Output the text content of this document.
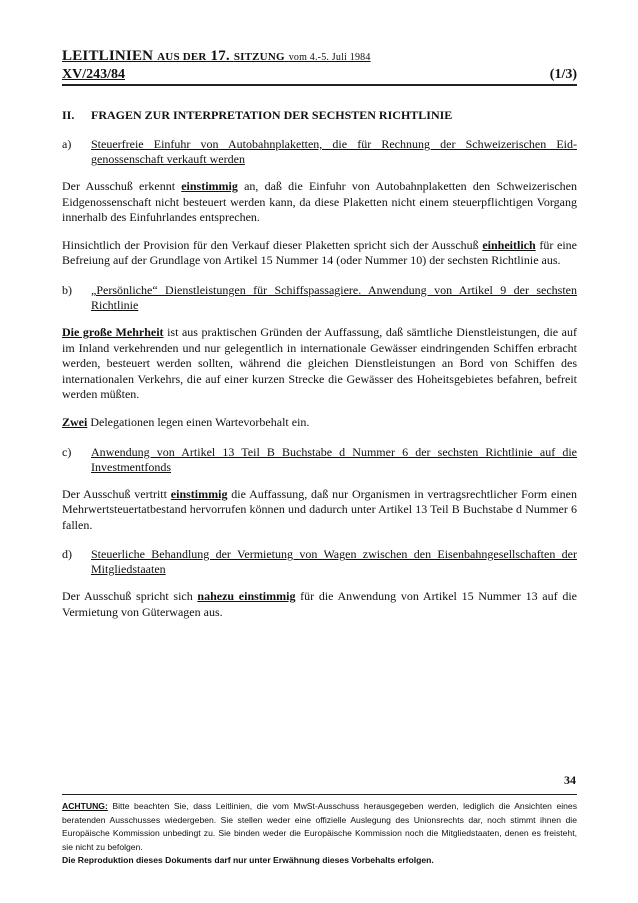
LEITLINIEN AUS DER 17. SITZUNG vom 4.-5. Juli 1984
XV/243/84	(1/3)
II.	FRAGEN ZUR INTERPRETATION DER SECHSTEN RICHTLINIE
a)	Steuerfreie Einfuhr von Autobahnplaketten, die für Rechnung der Schweizerischen Eidgenossenschaft verkauft werden

Der Ausschuß erkennt einstimmig an, daß die Einfuhr von Autobahnplaketten den Schweizerischen Eidgenossenschaft nicht besteuert werden kann, da diese Plaketten nicht einem steuerpflichtigen Vorgang innerhalb des Einfuhrlandes entsprechen.

Hinsichtlich der Provision für den Verkauf dieser Plaketten spricht sich der Ausschuß einheitlich für eine Befreiung auf der Grundlage von Artikel 15 Nummer 14 (oder Nummer 10) der sechsten Richtlinie aus.

b)	„Persönliche“ Dienstleistungen für Schiffspassagiere. Anwendung von Artikel 9 der sechsten Richtlinie

Die große Mehrheit ist aus praktischen Gründen der Auffassung, daß sämtliche Dienstleistungen, die auf im Inland verkehrenden und nur gelegentlich in internationale Gewässer eindringenden Schiffen erbracht werden, besteuert werden sollten, während die gleichen Dienstleistungen an Bord von Schiffen des internationalen Verkehrs, die auf einer kurzen Strecke die Gewässer des Hoheitsgebietes befahren, befreit werden müßten.

Zwei Delegationen legen einen Wartevorbehalt ein.

c)	Anwendung von Artikel 13 Teil B Buchstabe d Nummer 6 der sechsten Richtlinie auf die Investmentfonds

Der Ausschuß vertritt einstimmig die Auffassung, daß nur Organismen in vertragsrechtlicher Form einen Mehrwertsteuertatbestand hervorrufen können und dadurch unter Artikel 13 Teil B Buchstabe d Nummer 6 fallen.

d)	Steuerliche Behandlung der Vermietung von Wagen zwischen den Eisenbahngesellschaften der Mitgliedstaaten

Der Ausschuß spricht sich nahezu einstimmig für die Anwendung von Artikel 15 Nummer 13 auf die Vermietung von Güterwagen aus.

34
ACHTUNG: Bitte beachten Sie, dass Leitlinien, die vom MwSt-Ausschuss herausgegeben werden, lediglich die Ansichten eines beratenden Ausschusses wiedergeben. Sie stellen weder eine offizielle Auslegung des Unionsrechts dar, noch stimmt ihnen die Europäische Kommission unbedingt zu. Sie binden weder die Europäische Kommission noch die Mitgliedstaaten, denen es freisteht, sie nicht zu befolgen.
Die Reproduktion dieses Dokuments darf nur unter Erwähnung dieses Vorbehalts erfolgen.
